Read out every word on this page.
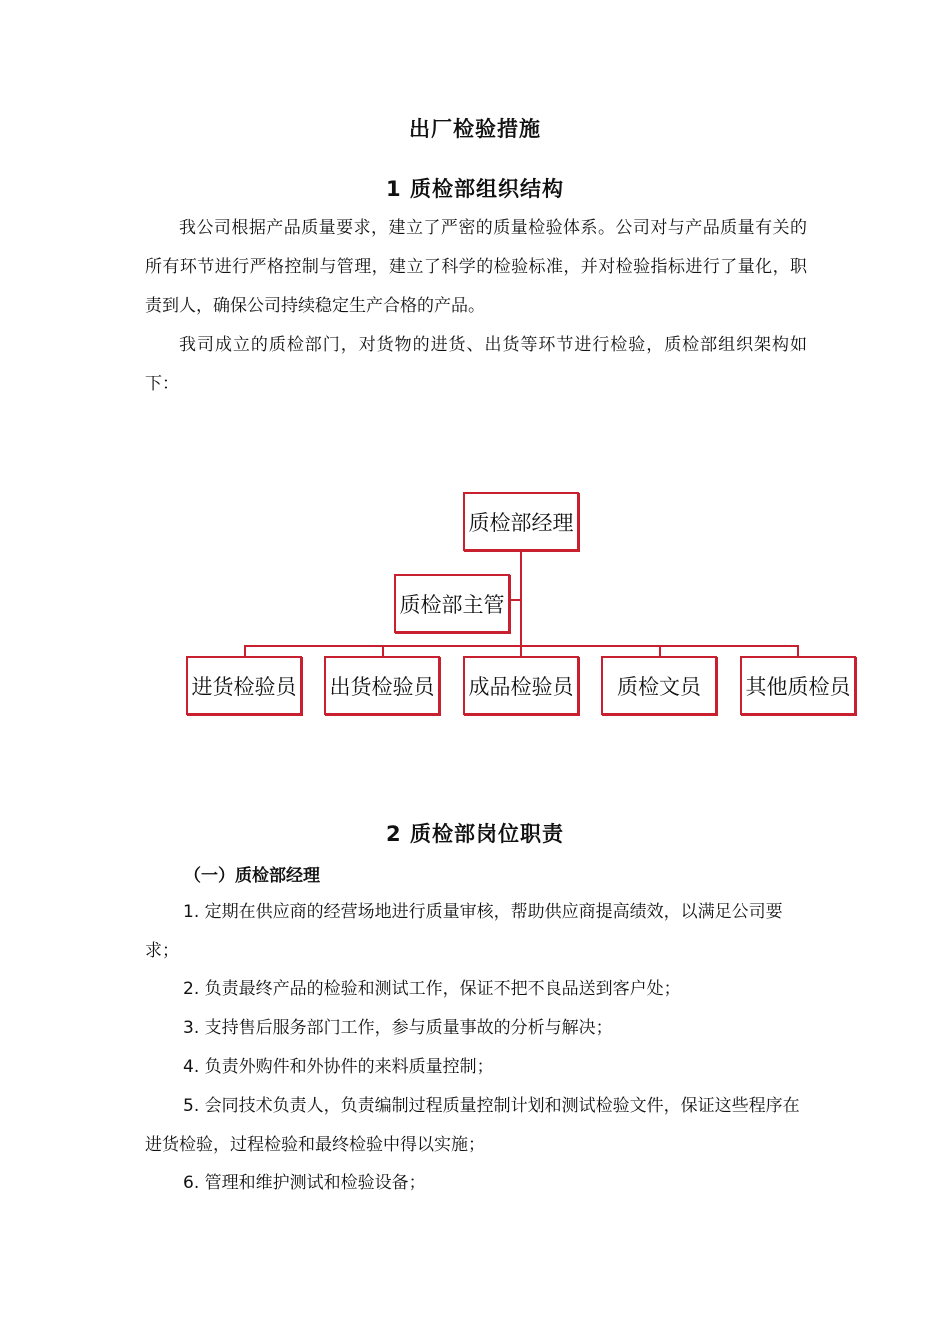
出厂检验措施
1 质检部组织结构
我公司根据产品质量要求，建立了严密的质量检验体系。公司对与产品质量有关的所有环节进行严格控制与管理，建立了科学的检验标准，并对检验指标进行了量化，职责到人，确保公司持续稳定生产合格的产品。
我司成立的质检部门，对货物的进货、出货等环节进行检验，质检部组织架构如下：
质检部经理
质检部主管
进货检验员 出货检验员 成品检验员	质检文员	其他质检员
2 质检部岗位职责
（一）质检部经理
1. 定期在供应商的经营场地进行质量审核，帮助供应商提高绩效，以满足公司要求；
2. 负责最终产品的检验和测试工作，保证不把不良品送到客户处；
3. 支持售后服务部门工作，参与质量事故的分析与解决；
4. 负责外购件和外协件的来料质量控制；
5. 会同技术负责人，负责编制过程质量控制计划和测试检验文件，保证这些程序在进货检验，过程检验和最终检验中得以实施；
6. 管理和维护测试和检验设备；
